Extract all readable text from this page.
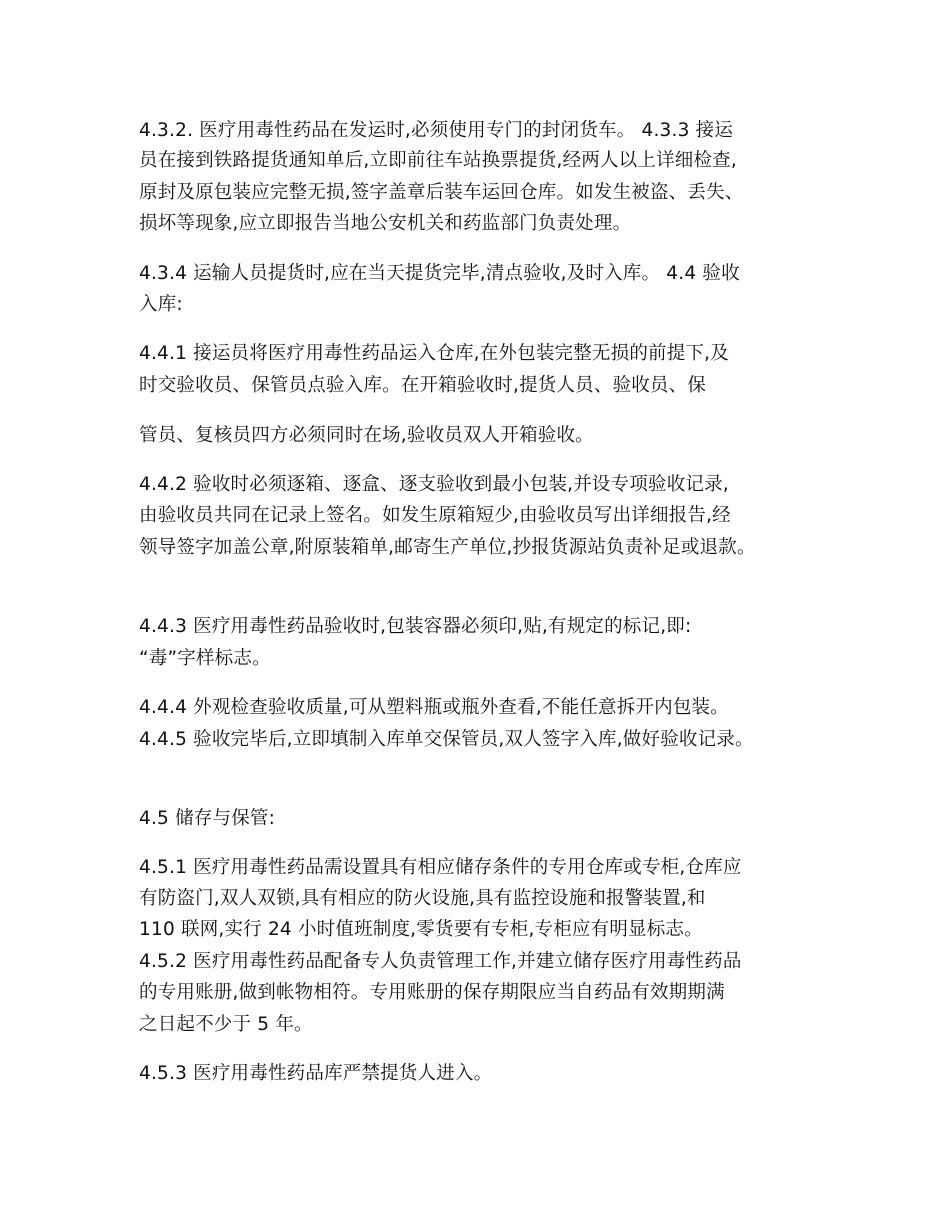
4.3.2. 医疗用毒性药品在发运时,必须使用专门的封闭货车。 4.3.3 接运
员在接到铁路提货通知单后,立即前往车站换票提货,经两人以上详细检查,
原封及原包装应完整无损,签字盖章后装车运回仓库。如发生被盗、丢失、
损坏等现象,应立即报告当地公安机关和药监部门负责处理。
4.3.4 运输人员提货时,应在当天提货完毕,清点验收,及时入库。 4.4 验收
入库:
4.4.1 接运员将医疗用毒性药品运入仓库,在外包装完整无损的前提下,及
时交验收员、保管员点验入库。在开箱验收时,提货人员、验收员、保
管员、复核员四方必须同时在场,验收员双人开箱验收。
4.4.2 验收时必须逐箱、逐盒、逐支验收到最小包装,并设专项验收记录,
由验收员共同在记录上签名。如发生原箱短少,由验收员写出详细报告,经
领导签字加盖公章,附原装箱单,邮寄生产单位,抄报货源站负责补足或退款。
4.4.3 医疗用毒性药品验收时,包装容器必须印,贴,有规定的标记,即:
“毒”字样标志。
4.4.4 外观检查验收质量,可从塑料瓶或瓶外查看,不能任意拆开内包装。
4.4.5 验收完毕后,立即填制入库单交保管员,双人签字入库,做好验收记录。
4.5 储存与保管:
4.5.1 医疗用毒性药品需设置具有相应储存条件的专用仓库或专柜,仓库应
有防盗门,双人双锁,具有相应的防火设施,具有监控设施和报警装置,和
110 联网,实行 24 小时值班制度,零货要有专柜,专柜应有明显标志。
4.5.2 医疗用毒性药品配备专人负责管理工作,并建立储存医疗用毒性药品
的专用账册,做到帐物相符。专用账册的保存期限应当自药品有效期期满
之日起不少于 5 年。
4.5.3 医疗用毒性药品库严禁提货人进入。
